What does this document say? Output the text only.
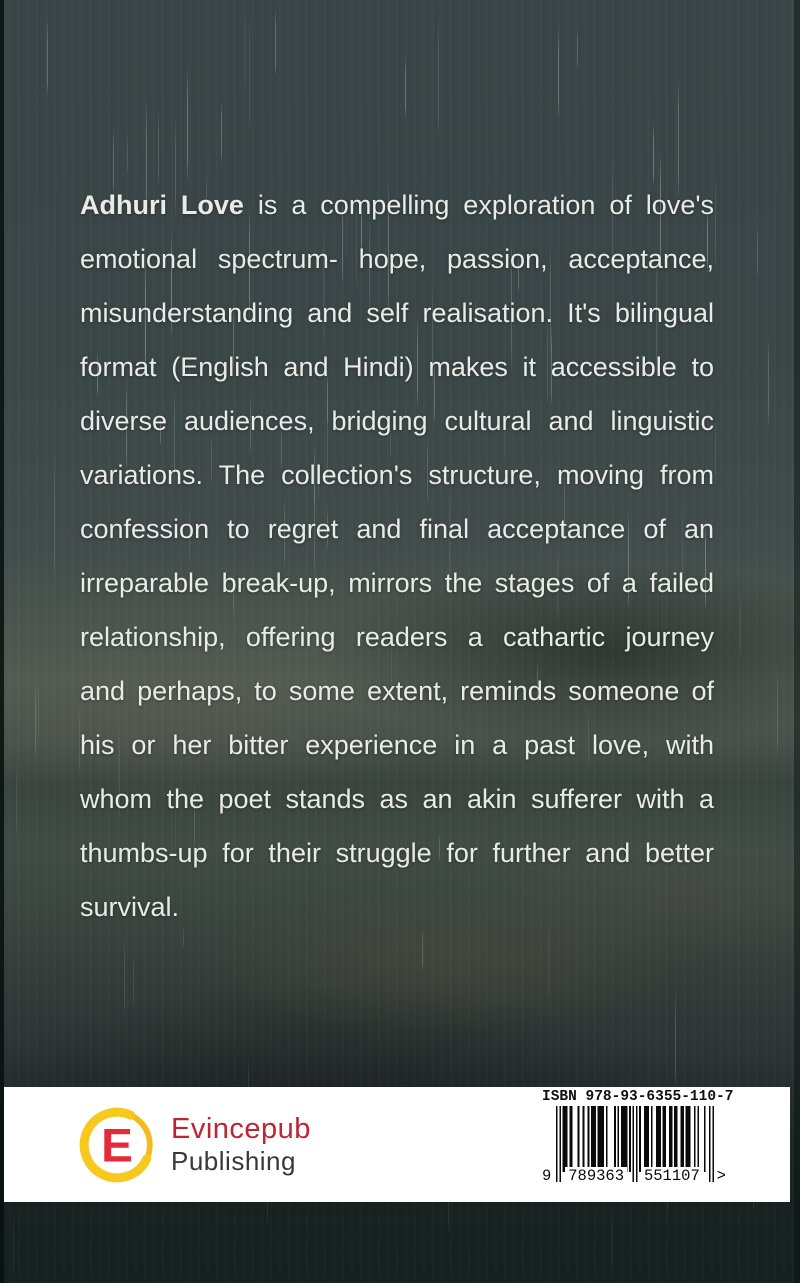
Adhuri Love is a compelling exploration of love's emotional spectrum- hope, passion, acceptance, misunderstanding and self realisation. It's bilingual format (English and Hindi) makes it accessible to diverse audiences, bridging cultural and linguistic variations. The collection's structure, moving from confession to regret and final acceptance of an irreparable break-up, mirrors the stages of a failed relationship, offering readers a cathartic journey and perhaps, to some extent, reminds someone of his or her bitter experience in a past love, with whom the poet stands as an akin sufferer with a thumbs-up for their struggle for further and better survival.

E Evincepub
Publishing
ISBN 978-93-6355-110-7
9 789363 551107 >
